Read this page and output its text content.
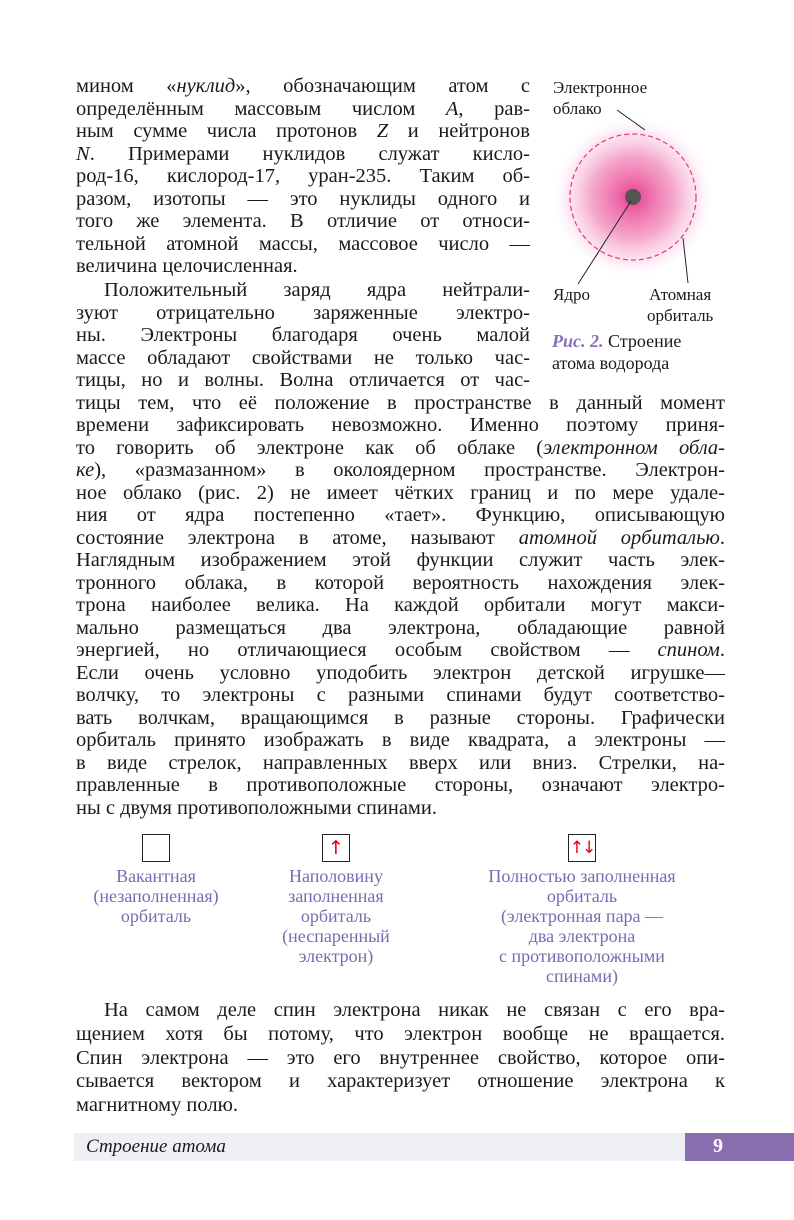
мином «нуклид», обозначающим атом с
определённым массовым числом A, рав-
ным сумме числа протонов Z и нейтронов
N. Примерами нуклидов служат кисло-
род-16, кислород-17, уран-235. Таким об-
разом, изотопы — это нуклиды одного и
того же элемента. В отличие от относи-
тельной атомной массы, массовое число —
величина целочисленная.
Положительный заряд ядра нейтрали-
зуют отрицательно заряженные электро-
ны. Электроны благодаря очень малой
массе обладают свойствами не только час-
тицы, но и волны. Волна отличается от час-
тицы тем, что её положение в пространстве в данный момент
времени зафиксировать невозможно. Именно поэтому приня-
то говорить об электроне как об облаке (электронном обла-
ке), «размазанном» в околоядерном пространстве. Электрон-
ное облако (рис. 2) не имеет чётких границ и по мере удале-
ния от ядра постепенно «тает». Функцию, описывающую
состояние электрона в атоме, называют атомной орбиталью.
Наглядным изображением этой функции служит часть элек-
тронного облака, в которой вероятность нахождения элек-
трона наиболее велика. На каждой орбитали могут макси-
мально размещаться два электрона, обладающие равной
энергией, но отличающиеся особым свойством — спином.
Если очень условно уподобить электрон детской игрушке—
волчку, то электроны с разными спинами будут соответство-
вать волчкам, вращающимся в разные стороны. Графически
орбиталь принято изображать в виде квадрата, а электроны —
в виде стрелок, направленных вверх или вниз. Стрелки, на-
правленные в противоположные стороны, означают электро-
ны с двумя противоположными спинами.
На самом деле спин электрона никак не связан с его вра-
щением хотя бы потому, что электрон вообще не вращается.
Спин электрона — это его внутреннее свойство, которое опи-
сывается вектором и характеризует отношение электрона к
магнитному полю.
Электронное
облако
Ядро	Атомная
орбиталь
Рис. 2. Строение атома водорода
Вакантная
(незаполненная)
орбиталь
↑
Наполовину
заполненная
орбиталь
(неспаренный
электрон)
↑↓
Полностью заполненная
орбиталь
(электронная пара —
два электрона
с противоположными
спинами)
Строение атома	9
